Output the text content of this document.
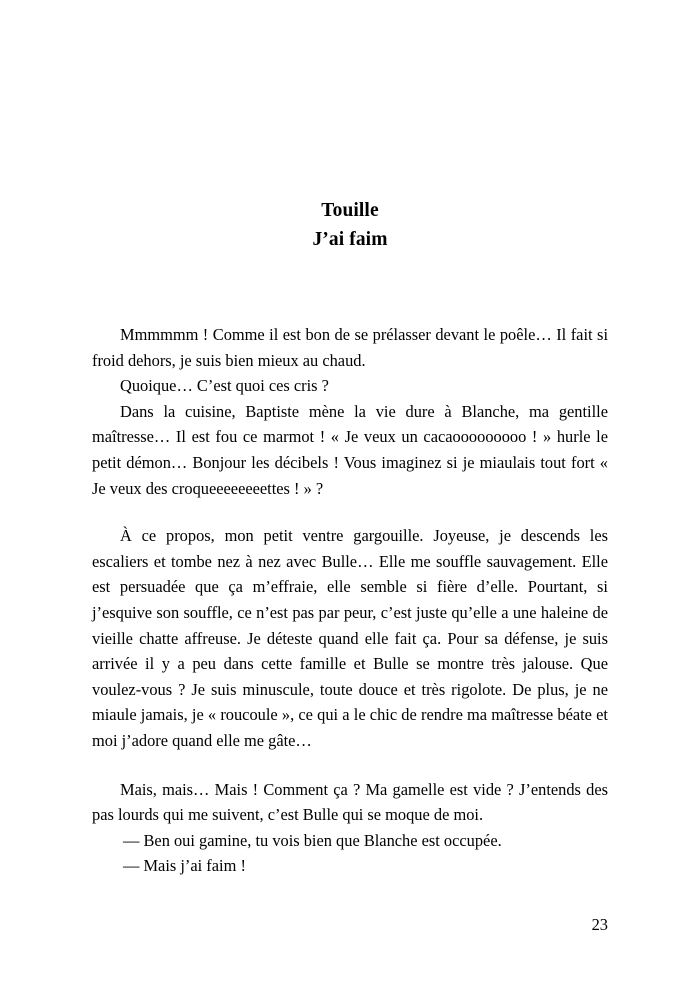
Touille
J’ai faim

Mmmmmm ! Comme il est bon de se prélasser devant le poêle… Il fait si froid dehors, je suis bien mieux au chaud.

Quoique… C’est quoi ces cris ?

Dans la cuisine, Baptiste mène la vie dure à Blanche, ma gentille maîtresse… Il est fou ce marmot ! « Je veux un cacaooooooooo ! » hurle le petit démon… Bonjour les décibels ! Vous imaginez si je miaulais tout fort « Je veux des croqueeeeeeeettes ! » ?

À ce propos, mon petit ventre gargouille. Joyeuse, je descends les escaliers et tombe nez à nez avec Bulle… Elle me souffle sauvagement. Elle est persuadée que ça m’effraie, elle semble si fière d’elle. Pourtant, si j’esquive son souffle, ce n’est pas par peur, c’est juste qu’elle a une haleine de vieille chatte affreuse. Je déteste quand elle fait ça. Pour sa défense, je suis arrivée il y a peu dans cette famille et Bulle se montre très jalouse. Que voulez-vous ? Je suis minuscule, toute douce et très rigolote. De plus, je ne miaule jamais, je « roucoule », ce qui a le chic de rendre ma maîtresse béate et moi j’adore quand elle me gâte…

Mais, mais… Mais ! Comment ça ? Ma gamelle est vide ? J’entends des pas lourds qui me suivent, c’est Bulle qui se moque de moi.

— Ben oui gamine, tu vois bien que Blanche est occupée.

— Mais j’ai faim !

23
